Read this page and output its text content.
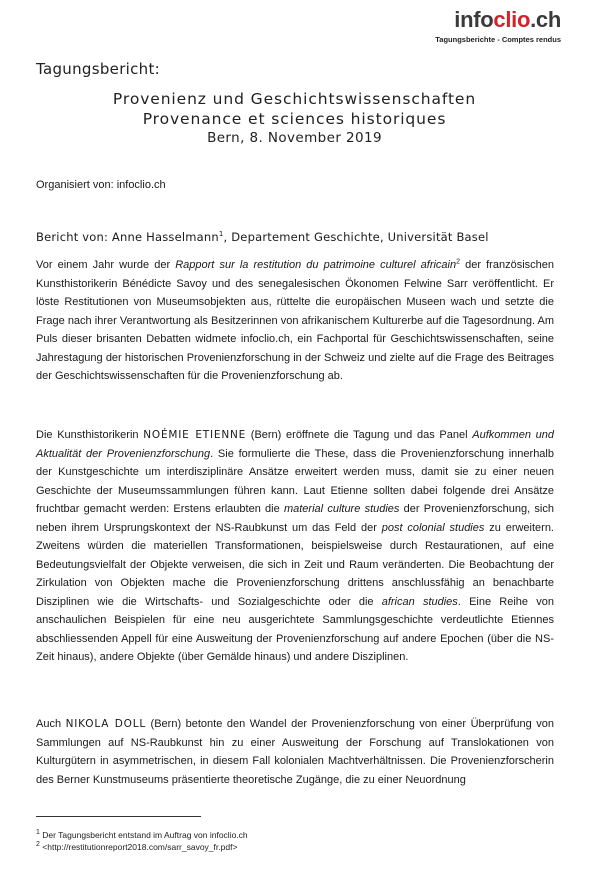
infoclio.ch
Tagungsberichte - Comptes rendus
Tagungsbericht:
Provenienz und Geschichtswissenschaften
Provenance et sciences historiques
Bern, 8. November 2019
Organisiert von: infoclio.ch
Bericht von: Anne Hasselmann$^1$, Departement Geschichte, Universität Basel

Vor einem Jahr wurde der Rapport sur la restitution du patrimoine culturel africain$^2$ der französischen Kunsthistorikerin Bénédicte Savoy und des senegalesischen Ökonomen Felwine Sarr veröffentlicht. Er löste Restitutionen von Museumsobjekten aus, rüttelte die europäischen Museen wach und setzte die Frage nach ihrer Verantwortung als Besitzerinnen von afrikanischem Kulturerbe auf die Tagesordnung. Am Puls dieser brisanten Debatten widmete infoclio.ch, ein Fachportal für Geschichtswissenschaften, seine Jahrestagung der historischen Provenienzforschung in der Schweiz und zielte auf die Frage des Beitrages der Geschichtswissenschaften für die Provenienzforschung ab.

Die Kunsthistorikerin NOÉMIE ETIENNE (Bern) eröffnete die Tagung und das Panel Aufkommen und Aktualität der Provenienzforschung. Sie formulierte die These, dass die Provenienzforschung innerhalb der Kunstgeschichte um interdisziplinäre Ansätze erweitert werden muss, damit sie zu einer neuen Geschichte der Museumssammlungen führen kann. Laut Etienne sollten dabei folgende drei Ansätze fruchtbar gemacht werden: Erstens erlaubten die material culture studies der Provenienzforschung, sich neben ihrem Ursprungskontext der NS-Raubkunst um das Feld der post colonial studies zu erweitern. Zweitens würden die materiellen Transformationen, beispielsweise durch Restaurationen, auf eine Bedeutungsvielfalt der Objekte verweisen, die sich in Zeit und Raum veränderten. Die Beobachtung der Zirkulation von Objekten mache die Provenienzforschung drittens anschlussfähig an benachbarte Disziplinen wie die Wirtschafts- und Sozialgeschichte oder die african studies. Eine Reihe von anschaulichen Beispielen für eine neu ausgerichtete Sammlungsgeschichte verdeutlichte Etiennes abschliessenden Appell für eine Ausweitung der Provenienzforschung auf andere Epochen (über die NS-Zeit hinaus), andere Objekte (über Gemälde hinaus) und andere Disziplinen.

Auch NIKOLA DOLL (Bern) betonte den Wandel der Provenienzforschung von einer Überprüfung von Sammlungen auf NS-Raubkunst hin zu einer Ausweitung der Forschung auf Translokationen von Kulturgütern in asymmetrischen, in diesem Fall kolonialen Machtverhältnissen. Die Provenienzforscherin des Berner Kunstmuseums präsentierte theoretische Zugänge, die zu einer Neuordnung

$^1$ Der Tagungsbericht entstand im Auftrag von infoclio.ch
$^2$ <http://restitutionreport2018.com/sarr_savoy_fr.pdf>
